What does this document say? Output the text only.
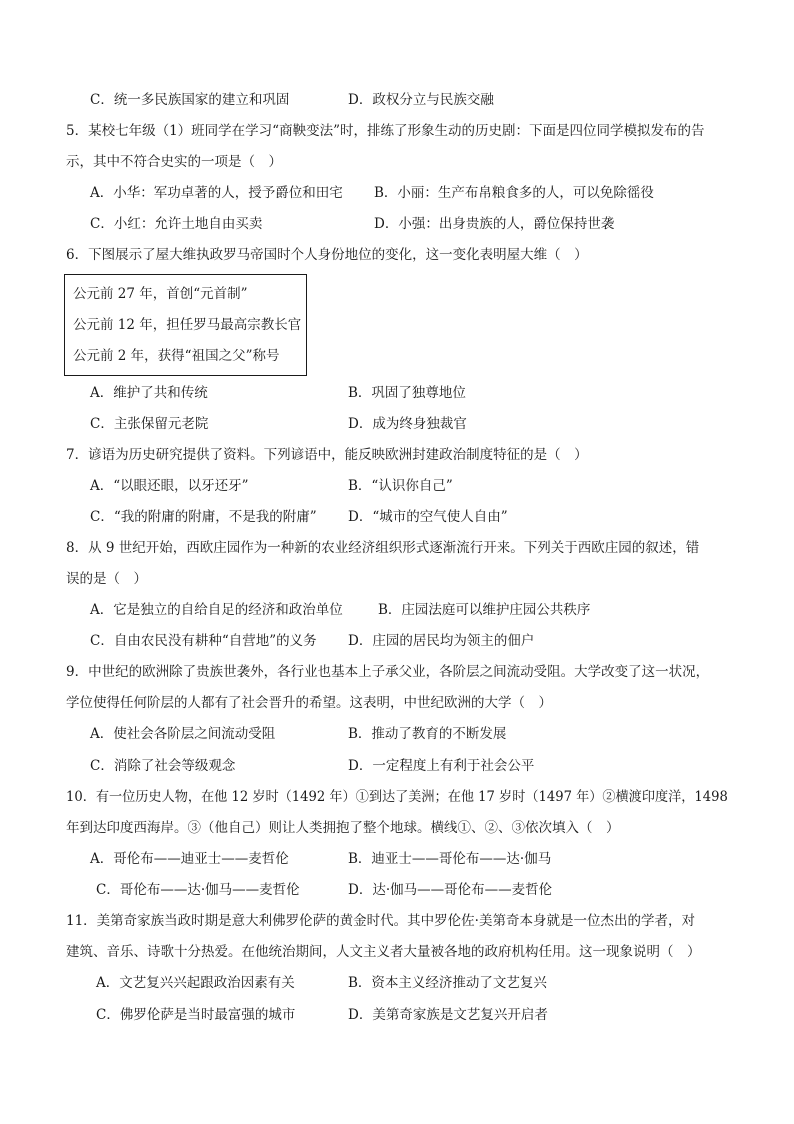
C．统一多民族国家的建立和巩固	D．政权分立与民族交融
5．某校七年级（1）班同学在学习“商鞅变法”时，排练了形象生动的历史剧：下面是四位同学模拟发布的告
示，其中不符合史实的一项是（　）
A．小华：军功卓著的人，授予爵位和田宅 B．小丽：生产布帛粮食多的人，可以免除徭役
C．小红：允许土地自由买卖	D．小强：出身贵族的人，爵位保持世袭
6．下图展示了屋大维执政罗马帝国时个人身份地位的变化，这一变化表明屋大维（　）
公元前 27 年，首创“元首制”
公元前 12 年，担任罗马最高宗教长官
公元前 2 年，获得“祖国之父”称号
A．维护了共和传统	B．巩固了独尊地位
C．主张保留元老院	D．成为终身独裁官
7．谚语为历史研究提供了资料。下列谚语中，能反映欧洲封建政治制度特征的是（　）
A．“以眼还眼，以牙还牙”	B．“认识你自己”
C．“我的附庸的附庸，不是我的附庸” D．“城市的空气使人自由”
8．从 9 世纪开始，西欧庄园作为一种新的农业经济组织形式逐渐流行开来。下列关于西欧庄园的叙述，错
误的是（　）
A．它是独立的自给自足的经济和政治单位	B．庄园法庭可以维护庄园公共秩序
C．自由农民没有耕种“自营地”的义务 D．庄园的居民均为领主的佃户
9．中世纪的欧洲除了贵族世袭外，各行业也基本上子承父业，各阶层之间流动受阻。大学改变了这一状况，
学位使得任何阶层的人都有了社会晋升的希望。这表明，中世纪欧洲的大学（　）
A．使社会各阶层之间流动受阻	B．推动了教育的不断发展
C．消除了社会等级观念	D．一定程度上有利于社会公平
10．有一位历史人物，在他 12 岁时（1492 年）①到达了美洲；在他 17 岁时（1497 年）②横渡印度洋，1498
年到达印度西海岸。③（他自己）则让人类拥抱了整个地球。横线①、②、③依次填入（　）
A．哥伦布——迪亚士——麦哲伦	B．迪亚士——哥伦布——达·伽马
C．哥伦布——达·伽马——麦哲伦	D．达·伽马——哥伦布——麦哲伦
11．美第奇家族当政时期是意大利佛罗伦萨的黄金时代。其中罗伦佐·美第奇本身就是一位杰出的学者，对
建筑、音乐、诗歌十分热爱。在他统治期间，人文主义者大量被各地的政府机构任用。这一现象说明（　）
A．文艺复兴兴起跟政治因素有关	B．资本主义经济推动了文艺复兴
C．佛罗伦萨是当时最富强的城市	D．美第奇家族是文艺复兴开启者
